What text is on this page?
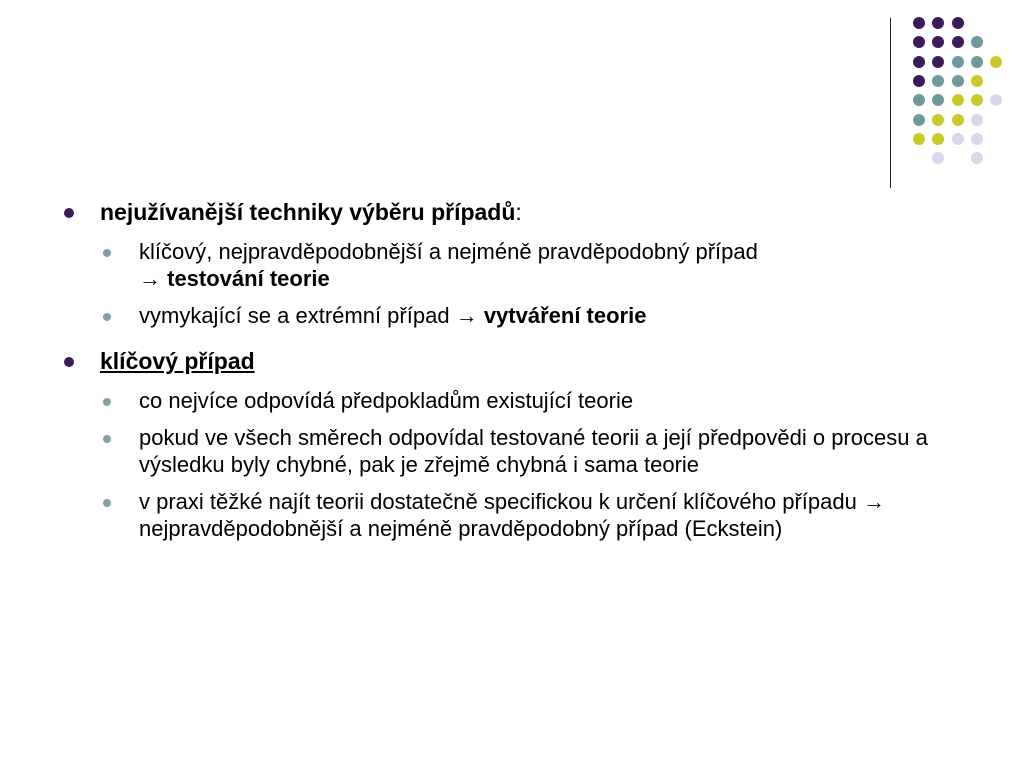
nejužívanější techniky výběru případů:
klíčový, nejpravděpodobnější a nejméně pravděpodobný případ
→ testování teorie
vymykající se a extrémní případ → vytváření teorie
klíčový případ
co nejvíce odpovídá předpokladům existující teorie
pokud ve všech směrech odpovídal testované teorii a její předpovědi o procesu a výsledku byly chybné, pak je zřejmě chybná i sama teorie
v praxi těžké najít teorii dostatečně specifickou k určení klíčového případu → nejpravděpodobnější a nejméně pravděpodobný případ (Eckstein)
